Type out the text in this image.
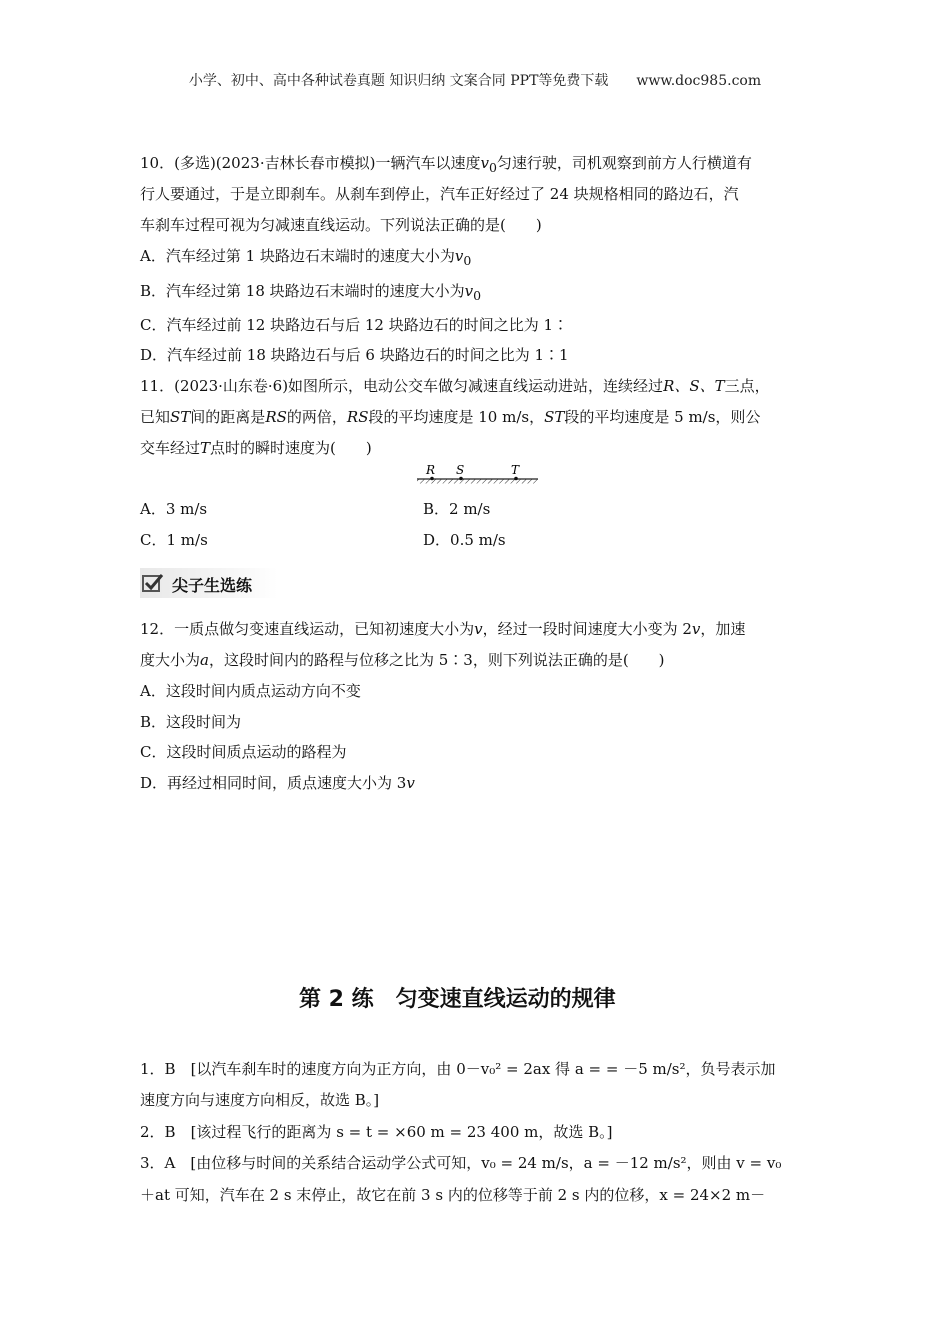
小学、初中、高中各种试卷真题 知识归纳 文案合同 PPT等免费下载 www.doc985.com
10．(多选)(2023·吉林长春市模拟)一辆汽车以速度$v_0$匀速行驶，司机观察到前方人行横道有
行人要通过，于是立即刹车。从刹车到停止，汽车正好经过了 24 块规格相同的路边石，汽
车刹车过程可视为匀减速直线运动。下列说法正确的是(　　)
A．汽车经过第 1 块路边石末端时的速度大小为$v_0$
B．汽车经过第 18 块路边石末端时的速度大小为$v_0$
C．汽车经过前 12 块路边石与后 12 块路边石的时间之比为 1∶
D．汽车经过前 18 块路边石与后 6 块路边石的时间之比为 1∶1
11．(2023·山东卷·6)如图所示，电动公交车做匀减速直线运动进站，连续经过R、S、T三点，
已知ST间的距离是RS的两倍，RS段的平均速度是 10 m/s，ST段的平均速度是 5 m/s，则公
交车经过T点时的瞬时速度为(　　)
R S	T
A．3 m/s	B．2 m/s
C．1 m/s	D．0.5 m/s
尖子生选练
12．一质点做匀变速直线运动，已知初速度大小为v，经过一段时间速度大小变为 2v，加速
度大小为a，这段时间内的路程与位移之比为 5∶3，则下列说法正确的是(　　)
A．这段时间内质点运动方向不变
B．这段时间为
C．这段时间质点运动的路程为
D．再经过相同时间，质点速度大小为 3v
第 2 练　匀变速直线运动的规律
1．B　[以汽车刹车时的速度方向为正方向，由 0－v₀² = 2ax 得 a = = －5 m/s²，负号表示加
速度方向与速度方向相反，故选 B。]
2．B　[该过程飞行的距离为 s = t = ×60 m = 23 400 m，故选 B。]
3．A　[由位移与时间的关系结合运动学公式可知，v₀ = 24 m/s，a = －12 m/s²，则由 v = v₀
＋at 可知，汽车在 2 s 末停止，故它在前 3 s 内的位移等于前 2 s 内的位移，x = 24×2 m－
